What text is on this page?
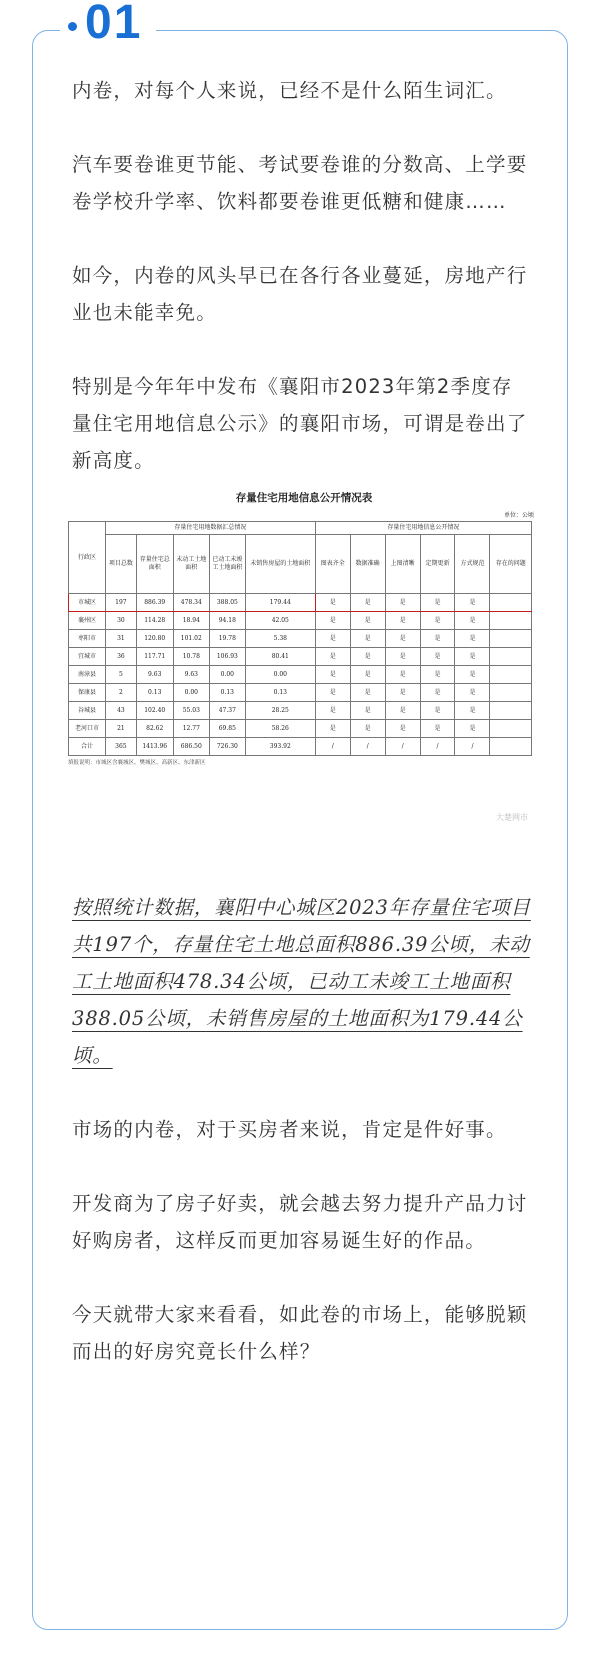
01

内卷，对每个人来说，已经不是什么陌生词汇。

汽车要卷谁更节能、考试要卷谁的分数高、上学要卷学校升学率、饮料都要卷谁更低糖和健康……

如今，内卷的风头早已在各行各业蔓延，房地产行业也未能幸免。

特别是今年年中发布《襄阳市2023年第2季度存量住宅用地信息公示》的襄阳市场，可谓是卷出了新高度。

存量住宅用地信息公开情况表
单位：公顷
行政区	存量住宅用地数据汇总情况					存量住宅用地信息公开情况					
	项目总数	存量住宅总面积	未动工土地面积	已动工未竣工土地面积	未销售房屋的土地面积	图表齐全	数据准确	上图清晰	定期更新	方式规范	存在的问题
市城区	197	886.39	478.34	388.05	179.44	是	是	是	是	是	
襄州区	30	114.28	18.94	94.18	42.05	是	是	是	是	是	
枣阳市	31	120.80	101.02	19.78	5.38	是	是	是	是	是	
宜城市	36	117.71	10.78	106.93	80.41	是	是	是	是	是	
南漳县	5	9.63	9.63	0.00	0.00	是	是	是	是	是	
保康县	2	0.13	0.00	0.13	0.13	是	是	是	是	是	
谷城县	43	102.40	55.03	47.37	28.25	是	是	是	是	是	
老河口市	21	82.62	12.77	69.85	58.26	是	是	是	是	是	
合计	365	1413.96	686.50	726.30	393.92	/	/	/	/	/	
填报说明：市城区含襄城区、樊城区、高新区、东津新区
大楚网市

按照统计数据，襄阳中心城区2023年存量住宅项目共197个，存量住宅土地总面积886.39公顷，未动工土地面积478.34公顷，已动工未竣工土地面积388.05公顷，未销售房屋的土地面积为179.44公顷。

市场的内卷，对于买房者来说，肯定是件好事。

开发商为了房子好卖，就会越去努力提升产品力讨好购房者，这样反而更加容易诞生好的作品。

今天就带大家来看看，如此卷的市场上，能够脱颖而出的好房究竟长什么样？
